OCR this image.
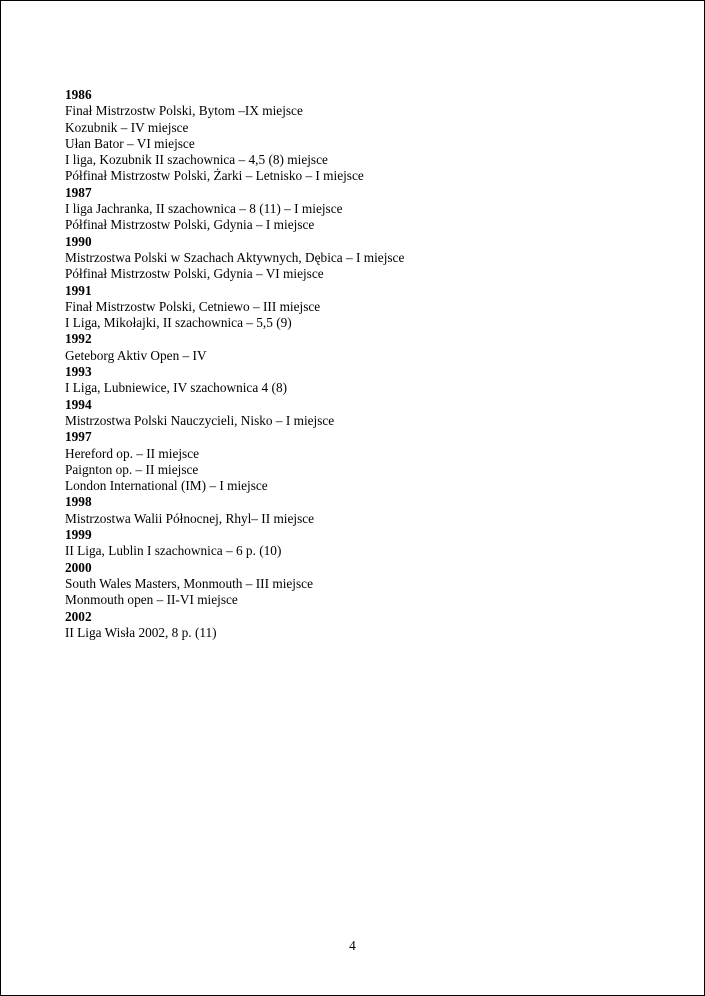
1986
Finał Mistrzostw Polski, Bytom –IX miejsce
Kozubnik – IV miejsce
Ułan Bator – VI miejsce
I liga, Kozubnik II szachownica – 4,5 (8) miejsce
Półfinał Mistrzostw Polski, Żarki – Letnisko – I miejsce
1987
I liga Jachranka, II szachownica – 8 (11) – I miejsce
Półfinał Mistrzostw Polski, Gdynia – I miejsce
1990
Mistrzostwa Polski w Szachach Aktywnych, Dębica – I miejsce
Półfinał Mistrzostw Polski, Gdynia – VI miejsce
1991
Finał Mistrzostw Polski, Cetniewo – III miejsce
I Liga, Mikołajki, II szachownica – 5,5 (9)
1992
Geteborg Aktiv Open – IV
1993
I Liga, Lubniewice, IV szachownica 4 (8)
1994
Mistrzostwa Polski Nauczycieli, Nisko – I miejsce
1997
Hereford op. – II miejsce
Paignton op. – II miejsce
London International (IM) – I miejsce
1998
Mistrzostwa Walii Północnej, Rhyl– II miejsce
1999
II Liga, Lublin I szachownica – 6 p. (10)
2000
South Wales Masters, Monmouth – III miejsce
Monmouth open – II-VI miejsce
2002
II Liga Wisła 2002, 8 p. (11)
4
